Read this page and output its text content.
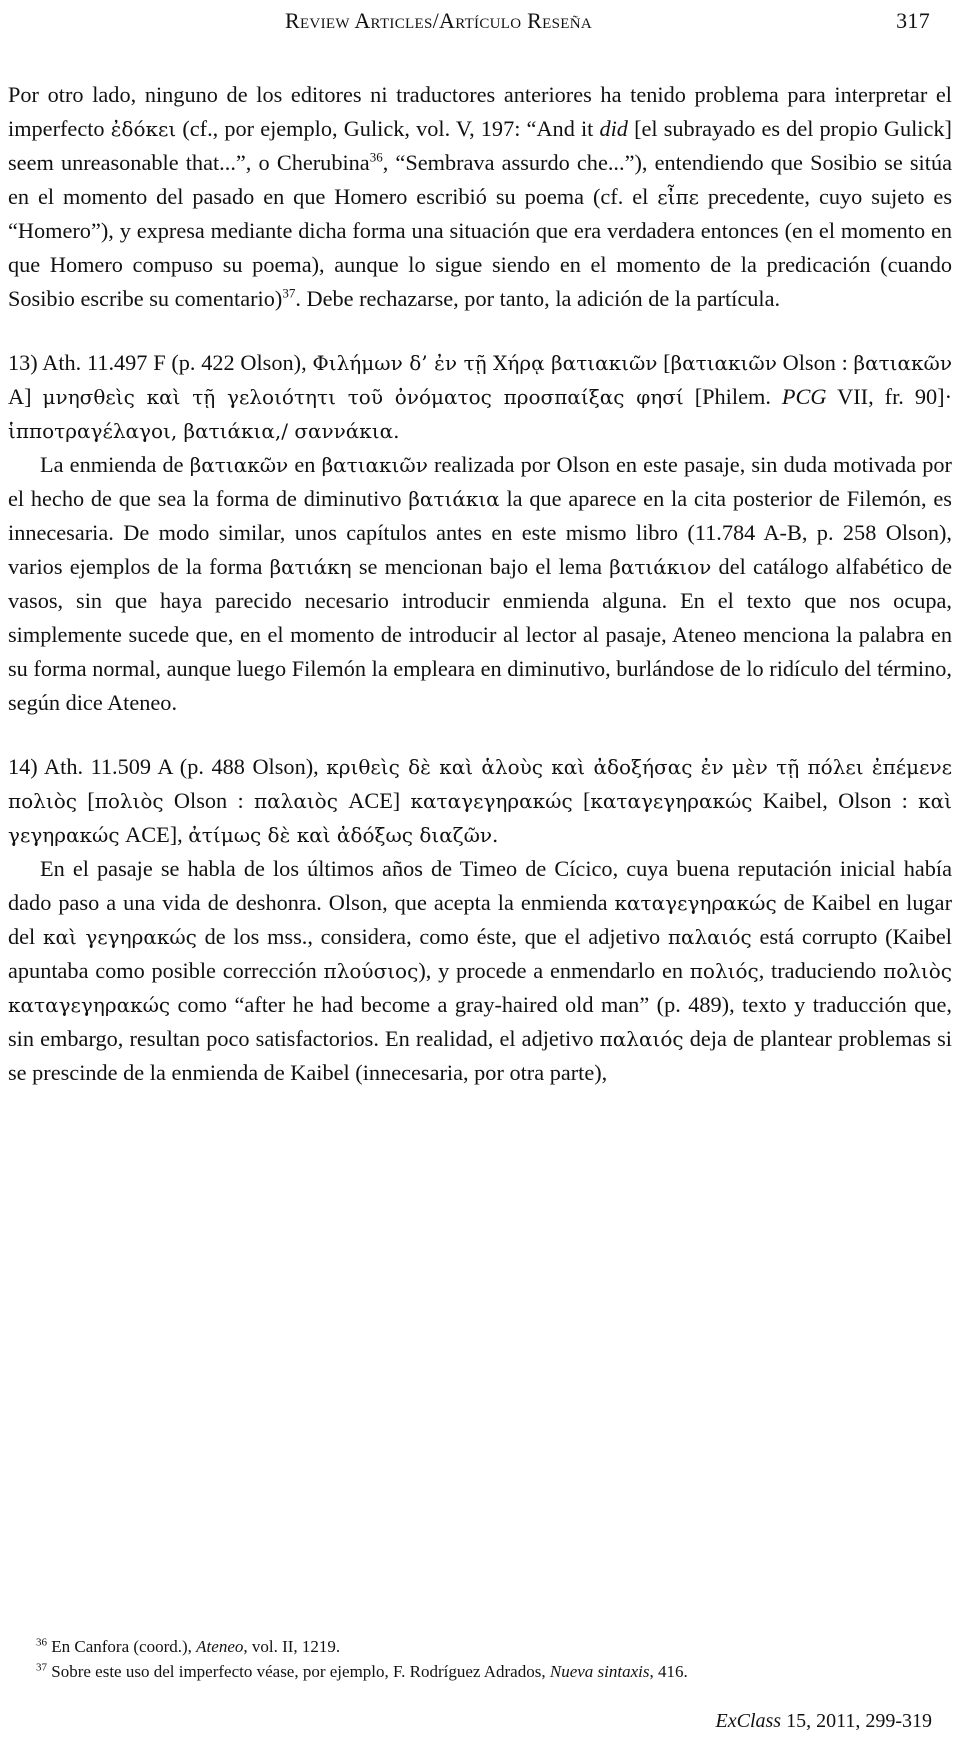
Review Articles/Artículo Reseña	317

Por otro lado, ninguno de los editores ni traductores anteriores ha tenido problema para interpretar el imperfecto ἐδόκει (cf., por ejemplo, Gulick, vol. V, 197: “And it did [el subrayado es del propio Gulick] seem unreasonable that...”, o Cherubina$^{36}$, “Sembrava assurdo che...”), entendiendo que Sosibio se sitúa en el momento del pasado en que Homero escribió su poema (cf. el εἶπε precedente, cuyo sujeto es “Homero”), y expresa mediante dicha forma una situación que era verdadera entonces (en el momento en que Homero compuso su poema), aunque lo sigue siendo en el momento de la predicación (cuando Sosibio escribe su comentario)$^{37}$. Debe rechazarse, por tanto, la adición de la partícula.

13) Ath. 11.497 F (p. 422 Olson), Φιλήμων δ’ ἐν τῇ Χήρᾳ βατιακιῶν [βατιακιῶν Olson : βατιακῶν A] μνησθεὶς καὶ τῇ γελοιότητι τοῦ ὀνόματος προσπαίξας φησί [Philem. PCG VII, fr. 90]· ἱπποτραγέλαγοι, βατιάκια,/ σαννάκια.

La enmienda de βατιακῶν en βατιακιῶν realizada por Olson en este pasaje, sin duda motivada por el hecho de que sea la forma de diminutivo βατιάκια la que aparece en la cita posterior de Filemón, es innecesaria. De modo similar, unos capítulos antes en este mismo libro (11.784 A-B, p. 258 Olson), varios ejemplos de la forma βατιάκη se mencionan bajo el lema βατιάκιον del catálogo alfabético de vasos, sin que haya parecido necesario introducir enmienda alguna. En el texto que nos ocupa, simplemente sucede que, en el momento de introducir al lector al pasaje, Ateneo menciona la palabra en su forma normal, aunque luego Filemón la empleara en diminutivo, burlándose de lo ridículo del término, según dice Ateneo.

14) Ath. 11.509 A (p. 488 Olson), κριθεὶς δὲ καὶ ἁλοὺς καὶ ἀδοξήσας ἐν μὲν τῇ πόλει ἐπέμενε πολιὸς [πολιὸς Olson : παλαιὸς ACE] καταγεγηρακώς [καταγεγηρακώς Kaibel, Olson : καὶ γεγηρακώς ACE], ἀτίμως δὲ καὶ ἀδόξως διαζῶν.

En el pasaje se habla de los últimos años de Timeo de Cícico, cuya buena reputación inicial había dado paso a una vida de deshonra. Olson, que acepta la enmienda καταγεγηρακώς de Kaibel en lugar del καὶ γεγηρακώς de los mss., considera, como éste, que el adjetivo παλαιός está corrupto (Kaibel apuntaba como posible corrección πλούσιος), y procede a enmendarlo en πολιός, traduciendo πολιὸς καταγεγηρακώς como “after he had become a gray-haired old man” (p. 489), texto y traducción que, sin embargo, resultan poco satisfactorios. En realidad, el adjetivo παλαιός deja de plantear problemas si se prescinde de la enmienda de Kaibel (innecesaria, por otra parte),

$^{36}$ En Canfora (coord.), Ateneo, vol. II, 1219.

$^{37}$ Sobre este uso del imperfecto véase, por ejemplo, F. Rodríguez Adrados, Nueva sintaxis, 416.

ExClass 15, 2011, 299-319
